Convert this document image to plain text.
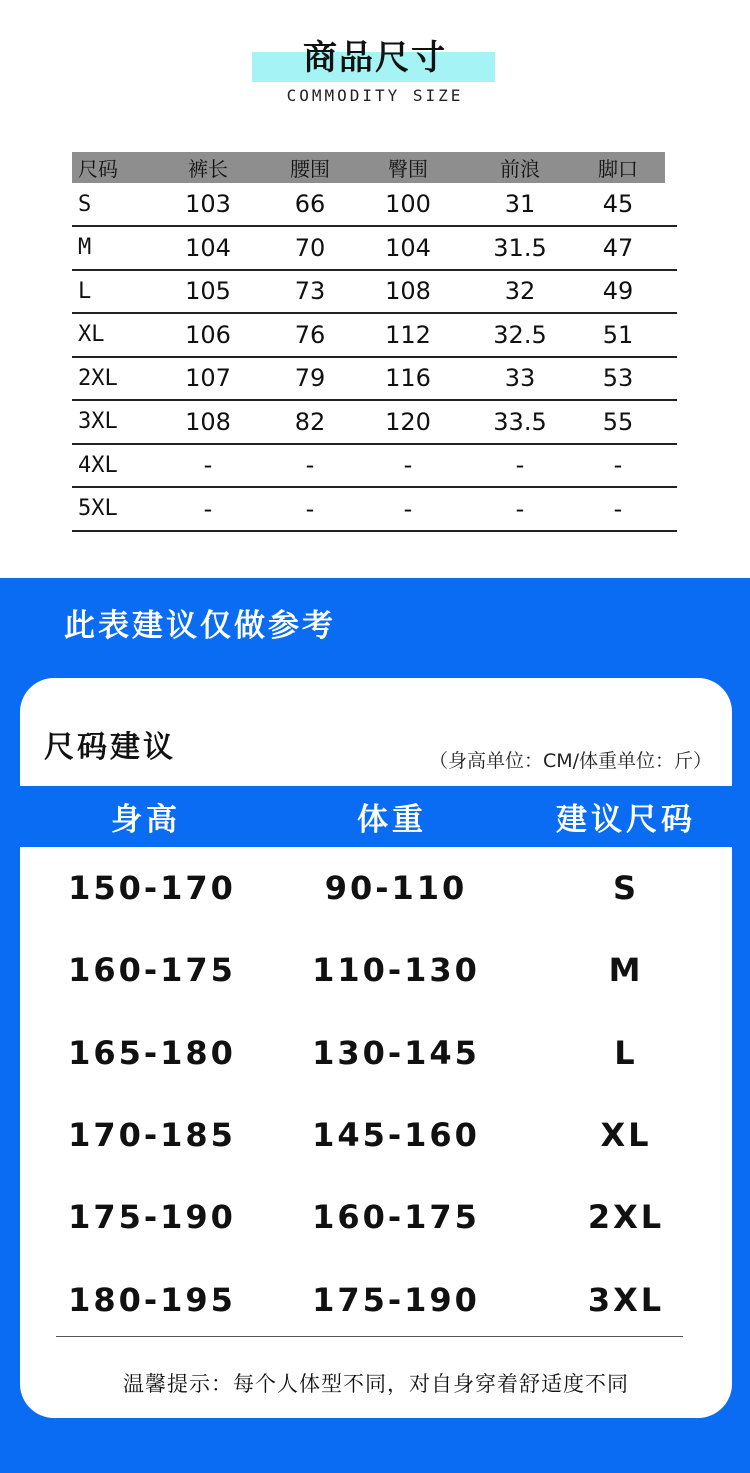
商品尺寸
COMMODITY SIZE
尺码	裤长	腰围	臀围	前浪	脚口
S	103	66	100	31	45
M	104	70	104	31.5	47
L	105	73	108	32	49
XL	106	76	112	32.5	51
2XL	107	79	116	33	53
3XL	108	82	120	33.5	55
4XL	-	-	-	-	-
5XL	-	-	-	-	-
此表建议仅做参考
尺码建议	（身高单位：CM/体重单位：斤）
身高	体重	建议尺码
150-170	90-110	S
160-175 110-130	M
165-180 130-145	L
170-185 145-160	XL
175-190 160-175	2XL
180-195 175-190	3XL
温馨提示：每个人体型不同，对自身穿着舒适度不同
